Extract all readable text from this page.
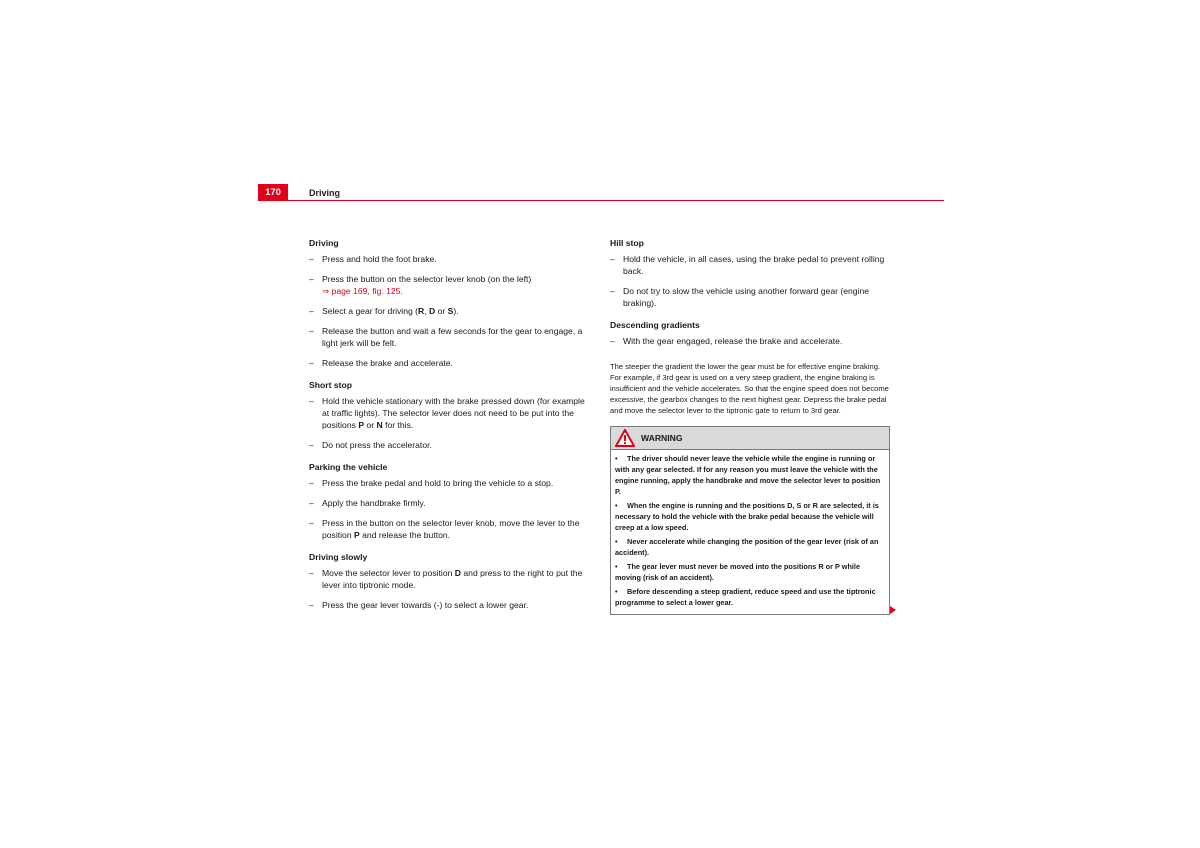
170	Driving
Driving
– Press and hold the foot brake.
– Press the button on the selector lever knob (on the left)
⇒ page 169, fig. 125.
– Select a gear for driving (R, D or S).
– Release the button and wait a few seconds for the gear to engage, a light jerk will be felt.
– Release the brake and accelerate.
Short stop
– Hold the vehicle stationary with the brake pressed down (for example at traffic lights). The selector lever does not need to be put into the positions P or N for this.
– Do not press the accelerator.
Parking the vehicle
– Press the brake pedal and hold to bring the vehicle to a stop.
– Apply the handbrake firmly.
– Press in the button on the selector lever knob, move the lever to the position P and release the button.
Driving slowly
– Move the selector lever to position D and press to the right to put the lever into tiptronic mode.
– Press the gear lever towards (-) to select a lower gear.
Hill stop
– Hold the vehicle, in all cases, using the brake pedal to prevent rolling back.
– Do not try to slow the vehicle using another forward gear (engine braking).
Descending gradients
– With the gear engaged, release the brake and accelerate.
The steeper the gradient the lower the gear must be for effective engine braking. For example, if 3rd gear is used on a very steep gradient, the engine braking is insufficient and the vehicle accelerates. So that the engine speed does not become excessive, the gearbox changes to the next highest gear. Depress the brake pedal and move the selector lever to the tiptronic gate to return to 3rd gear.
WARNING
• The driver should never leave the vehicle while the engine is running or with any gear selected. If for any reason you must leave the vehicle with the engine running, apply the handbrake and move the selector lever to position P.
• When the engine is running and the positions D, S or R are selected, it is necessary to hold the vehicle with the brake pedal because the vehicle will creep at a low speed.
• Never accelerate while changing the position of the gear lever (risk of an accident).
• The gear lever must never be moved into the positions R or P while moving (risk of an accident).
• Before descending a steep gradient, reduce speed and use the tiptronic programme to select a lower gear.
